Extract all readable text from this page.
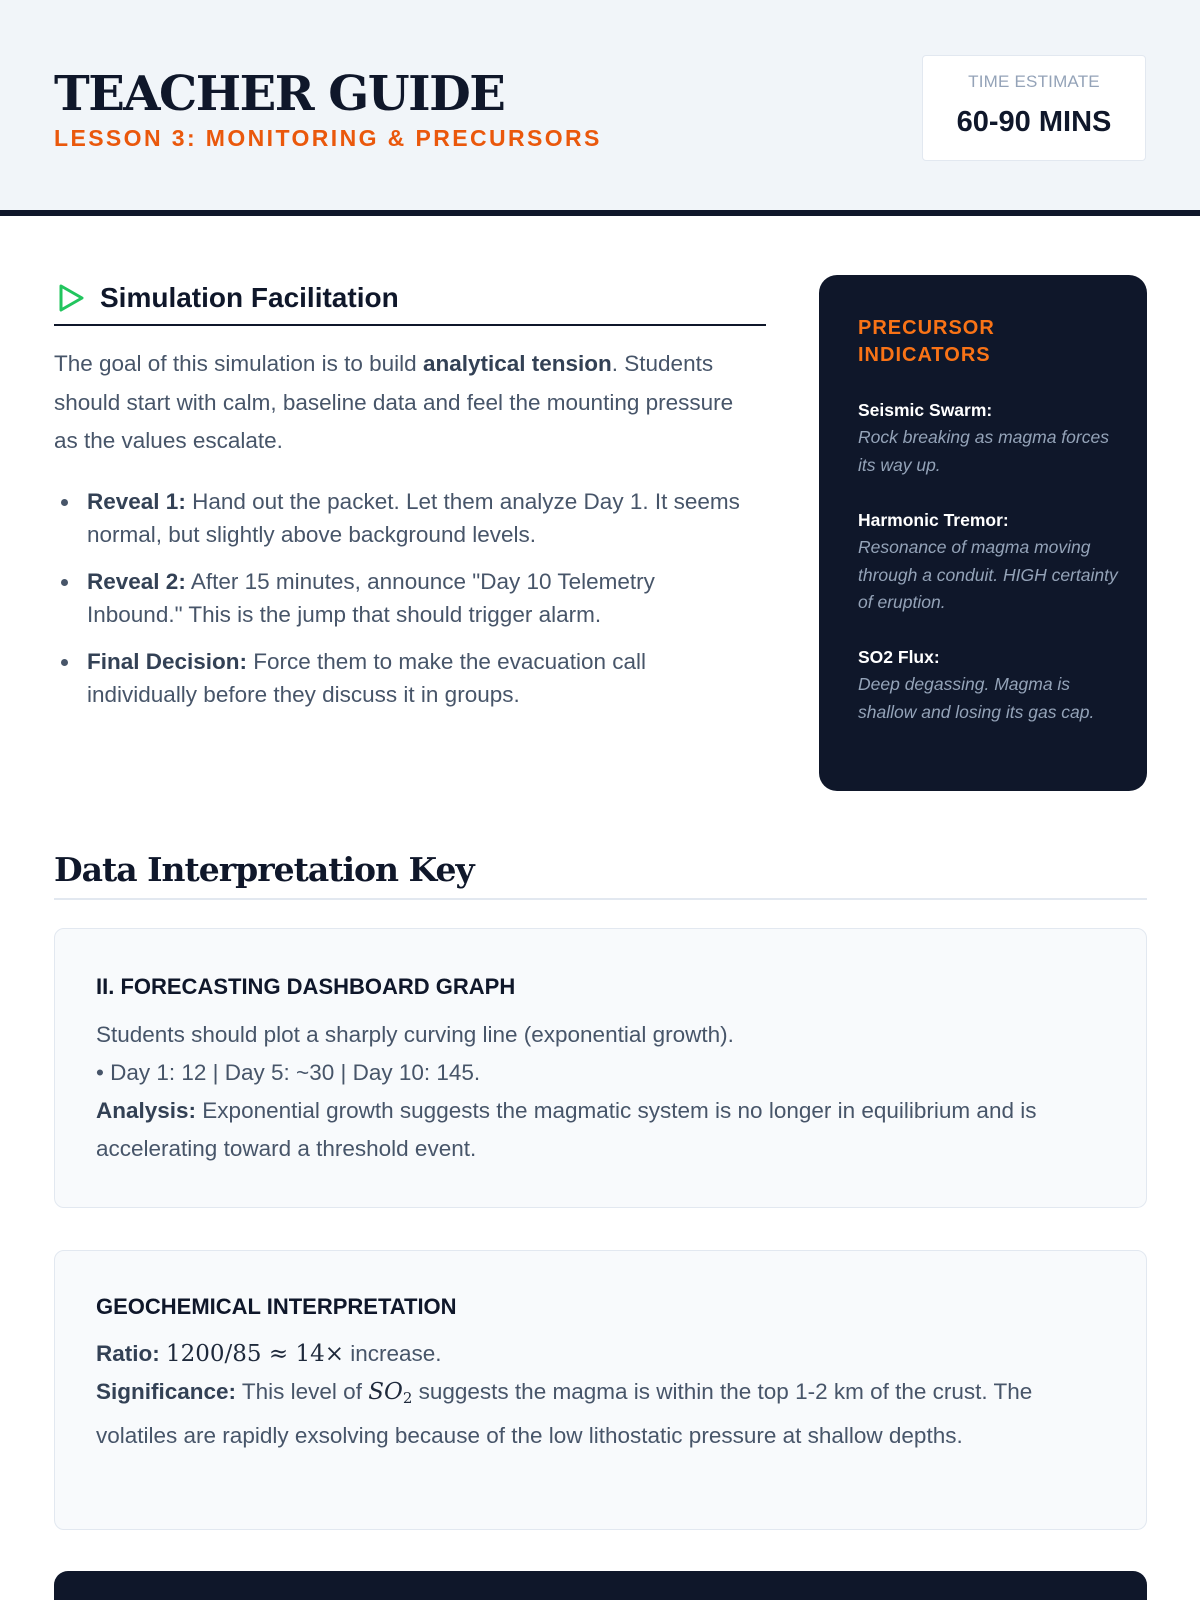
TEACHER GUIDE
LESSON 3: MONITORING & PRECURSORS
TIME ESTIMATE
60-90 MINS
Simulation Facilitation

The goal of this simulation is to build analytical tension. Students should start with calm, baseline data and feel the mounting pressure as the values escalate.

Reveal 1: Hand out the packet. Let them analyze Day 1. It seems normal, but slightly above background levels.
Reveal 2: After 15 minutes, announce "Day 10 Telemetry Inbound." This is the jump that should trigger alarm.
Final Decision: Force them to make the evacuation call individually before they discuss it in groups.
PRECURSOR INDICATORS
Seismic Swarm:
Rock breaking as magma forces its way up.
Harmonic Tremor:
Resonance of magma moving through a conduit. HIGH certainty of eruption.
SO2 Flux:
Deep degassing. Magma is shallow and losing its gas cap.
Data Interpretation Key
II. FORECASTING DASHBOARD GRAPH
Students should plot a sharply curving line (exponential growth).
• Day 1: 12 | Day 5: ~30 | Day 10: 145.
Analysis: Exponential growth suggests the magmatic system is no longer in equilibrium and is accelerating toward a threshold event.
GEOCHEMICAL INTERPRETATION
Ratio: 1200/85 ≈ 14× increase.
Significance: This level of $SO_2$ suggests the magma is within the top 1-2 km of the crust. The volatiles are rapidly exsolving because of the low lithostatic pressure at shallow depths.
